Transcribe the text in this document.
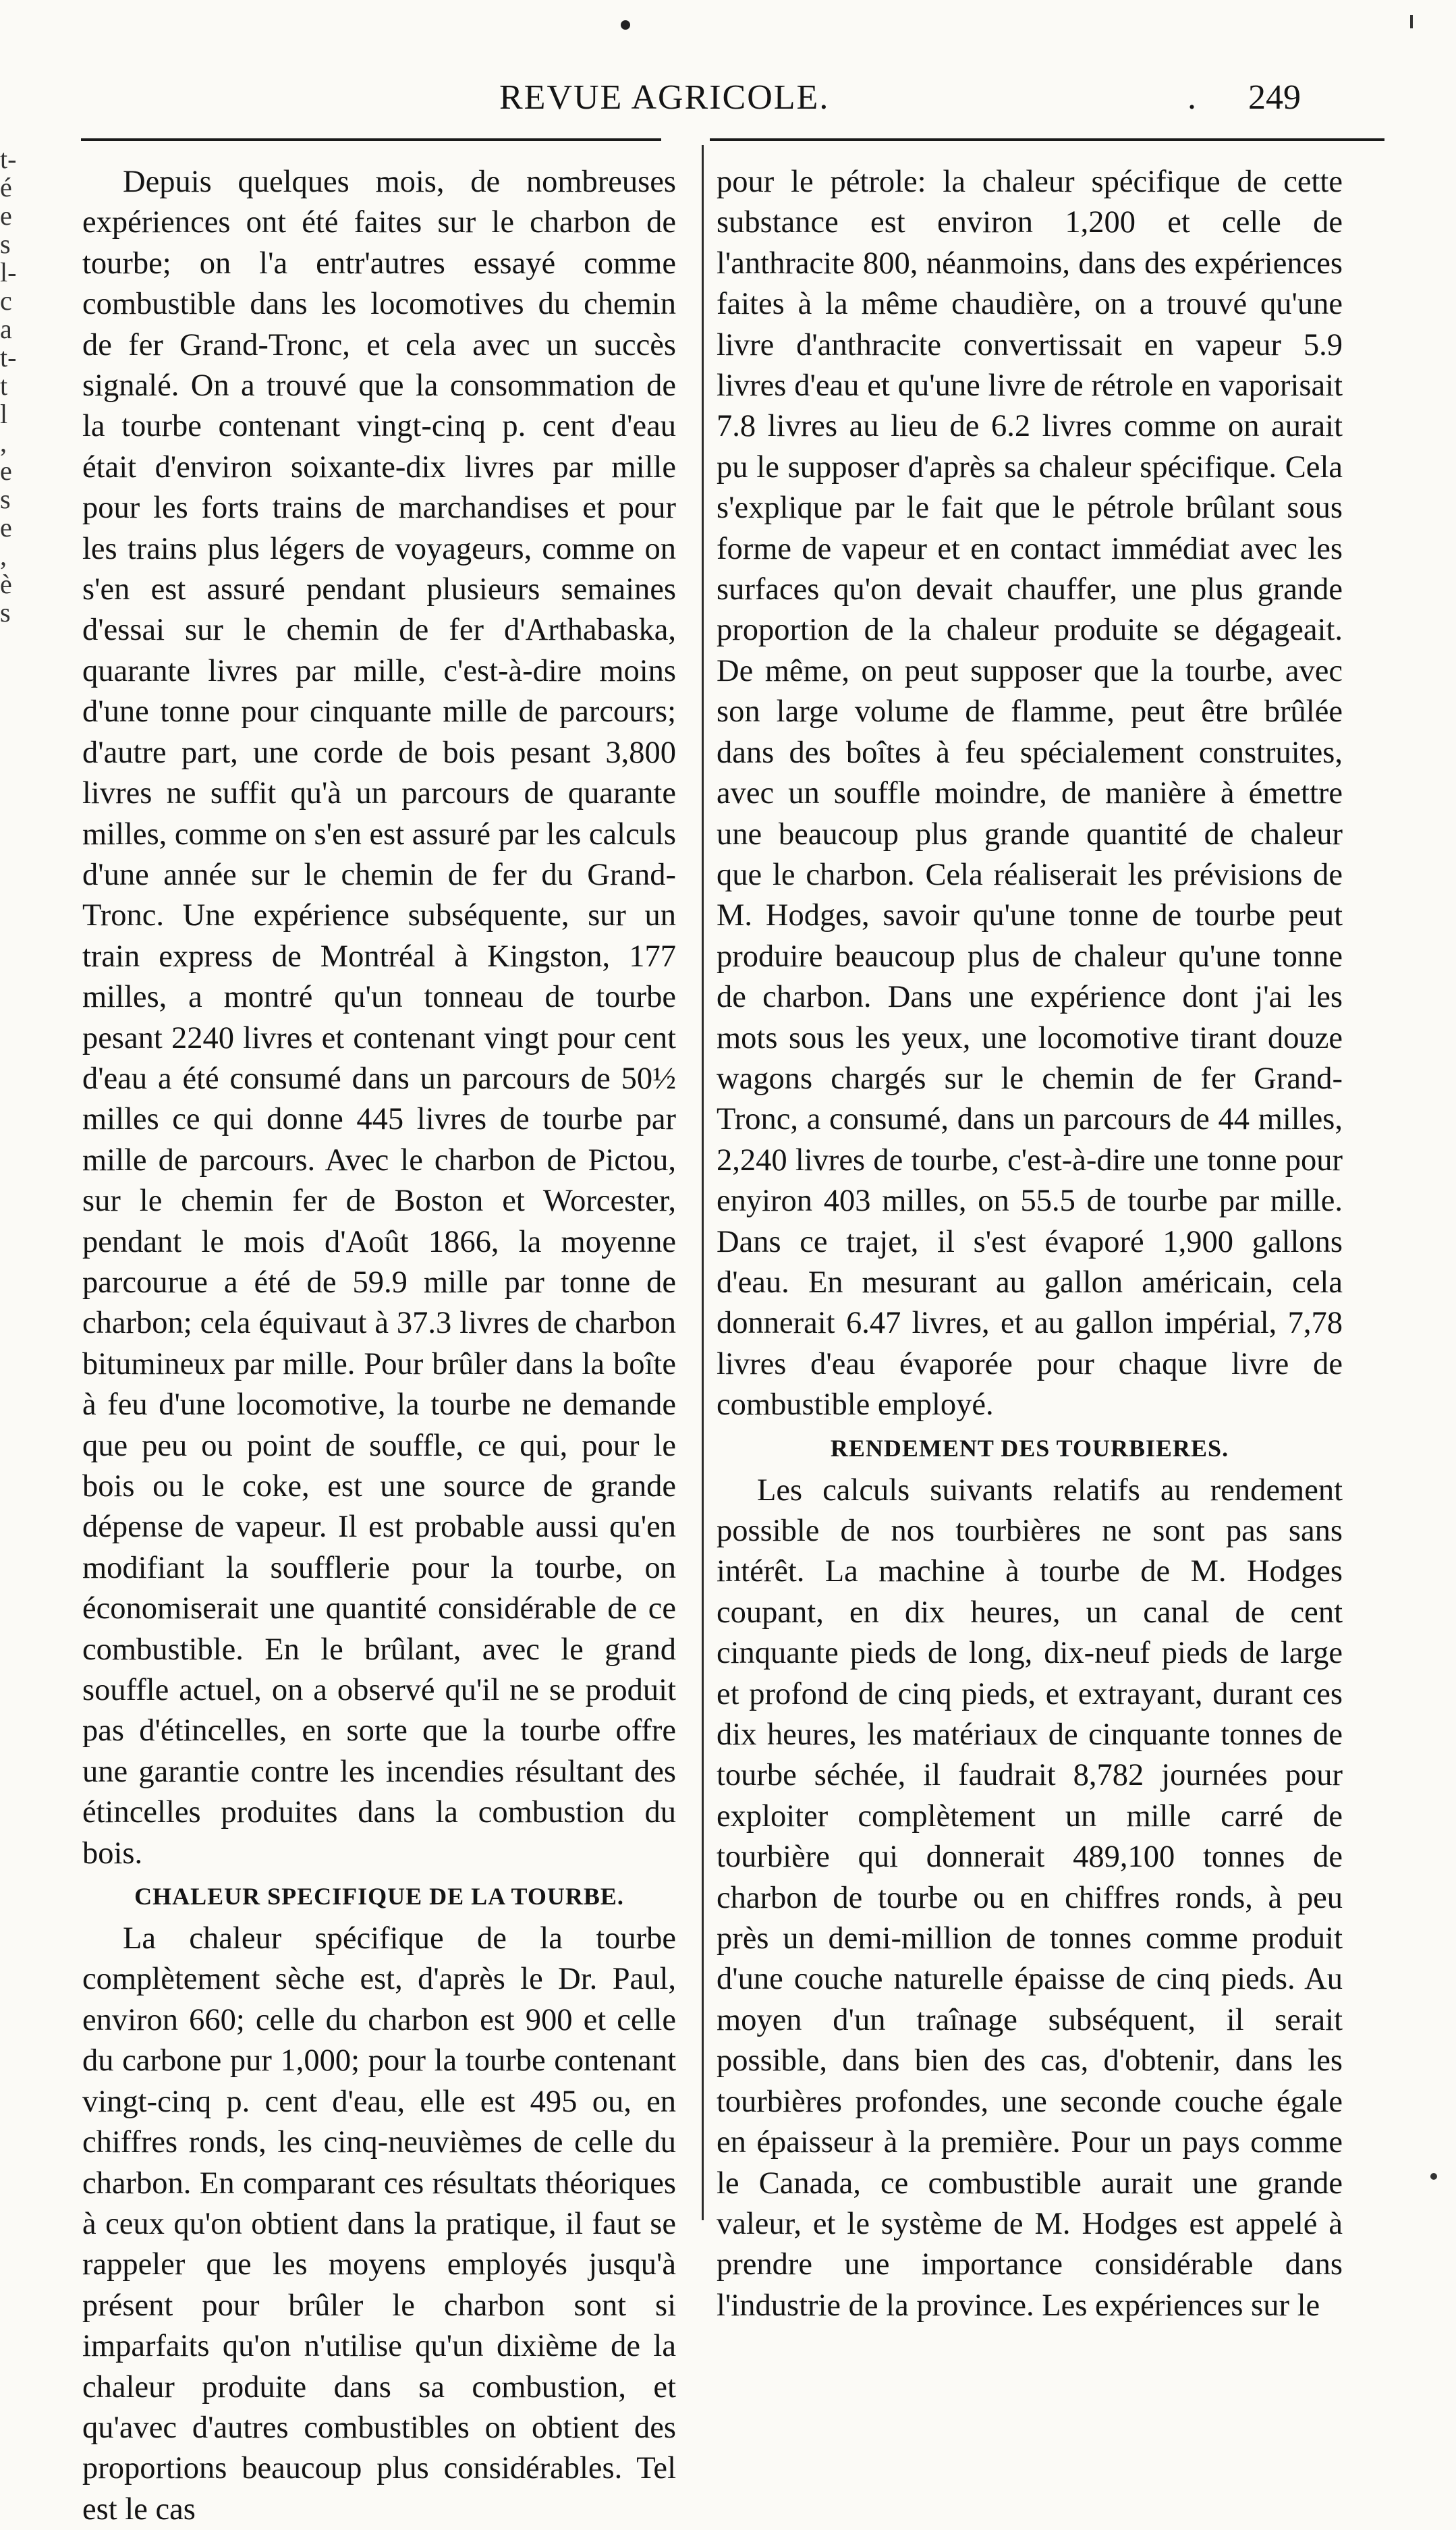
REVUE AGRICOLE.	. 249
t-
é
e
s
l-
c
a
t-
t
l
,
e
s
e
,
è
s

Depuis quelques mois, de nombreuses expériences ont été faites sur le charbon de tourbe; on l'a entr'autres essayé comme combustible dans les locomotives du chemin de fer Grand-Tronc, et cela avec un succès signalé. On a trouvé que la consommation de la tourbe contenant vingt-cinq p. cent d'eau était d'environ soixante-dix livres par mille pour les forts trains de marchandises et pour les trains plus légers de voyageurs, comme on s'en est assuré pendant plusieurs semaines d'essai sur le chemin de fer d'Arthabaska, quarante livres par mille, c'est-à-dire moins d'une tonne pour cinquante mille de parcours; d'autre part, une corde de bois pesant 3,800 livres ne suffit qu'à un parcours de quarante milles, comme on s'en est assuré par les calculs d'une année sur le chemin de fer du Grand-Tronc. Une expérience subséquente, sur un train express de Montréal à Kingston, 177 milles, a montré qu'un tonneau de tourbe pesant 2240 livres et contenant vingt pour cent d'eau a été consumé dans un parcours de 50½ milles ce qui donne 445 livres de tourbe par mille de parcours. Avec le charbon de Pictou, sur le chemin fer de Boston et Worcester, pendant le mois d'Août 1866, la moyenne parcourue a été de 59.9 mille par tonne de charbon; cela équivaut à 37.3 livres de charbon bitumineux par mille. Pour brûler dans la boîte à feu d'une locomotive, la tourbe ne demande que peu ou point de souffle, ce qui, pour le bois ou le coke, est une source de grande dépense de vapeur. Il est probable aussi qu'en modifiant la soufflerie pour la tourbe, on économiserait une quantité considérable de ce combustible. En le brûlant, avec le grand souffle actuel, on a observé qu'il ne se produit pas d'étincelles, en sorte que la tourbe offre une garantie contre les incendies résultant des étincelles produites dans la combustion du bois.

CHALEUR SPECIFIQUE DE LA TOURBE.

La chaleur spécifique de la tourbe complètement sèche est, d'après le Dr. Paul, environ 660; celle du charbon est 900 et celle du carbone pur 1,000; pour la tourbe contenant vingt-cinq p. cent d'eau, elle est 495 ou, en chiffres ronds, les cinq-neuvièmes de celle du charbon. En comparant ces résultats théoriques à ceux qu'on obtient dans la pratique, il faut se rappeler que les moyens employés jusqu'à présent pour brûler le charbon sont si imparfaits qu'on n'utilise qu'un dixième de la chaleur produite dans sa combustion, et qu'avec d'autres combustibles on obtient des proportions beaucoup plus considérables. Tel est le cas

pour le pétrole: la chaleur spécifique de cette substance est environ 1,200 et celle de l'anthracite 800, néanmoins, dans des expériences faites à la même chaudière, on a trouvé qu'une livre d'anthracite convertissait en vapeur 5.9 livres d'eau et qu'une livre de rétrole en vaporisait 7.8 livres au lieu de 6.2 livres comme on aurait pu le supposer d'après sa chaleur spécifique. Cela s'explique par le fait que le pétrole brûlant sous forme de vapeur et en contact immédiat avec les surfaces qu'on devait chauffer, une plus grande proportion de la chaleur produite se dégageait. De même, on peut supposer que la tourbe, avec son large volume de flamme, peut être brûlée dans des boîtes à feu spécialement construites, avec un souffle moindre, de manière à émettre une beaucoup plus grande quantité de chaleur que le charbon. Cela réaliserait les prévisions de M. Hodges, savoir qu'une tonne de tourbe peut produire beaucoup plus de chaleur qu'une tonne de charbon. Dans une expérience dont j'ai les mots sous les yeux, une locomotive tirant douze wagons chargés sur le chemin de fer Grand-Tronc, a consumé, dans un parcours de 44 milles, 2,240 livres de tourbe, c'est-à-dire une tonne pour enyiron 403 milles, on 55.5 de tourbe par mille. Dans ce trajet, il s'est évaporé 1,900 gallons d'eau. En mesurant au gallon américain, cela donnerait 6.47 livres, et au gallon impérial, 7,78 livres d'eau évaporée pour chaque livre de combustible employé.

RENDEMENT DES TOURBIERES.

Les calculs suivants relatifs au rendement possible de nos tourbières ne sont pas sans intérêt. La machine à tourbe de M. Hodges coupant, en dix heures, un canal de cent cinquante pieds de long, dix-neuf pieds de large et profond de cinq pieds, et extrayant, durant ces dix heures, les matériaux de cinquante tonnes de tourbe séchée, il faudrait 8,782 journées pour exploiter complètement un mille carré de tourbière qui donnerait 489,100 tonnes de charbon de tourbe ou en chiffres ronds, à peu près un demi-million de tonnes comme produit d'une couche naturelle épaisse de cinq pieds. Au moyen d'un traînage subséquent, il serait possible, dans bien des cas, d'obtenir, dans les tourbières profondes, une seconde couche égale en épaisseur à la première. Pour un pays comme le Canada, ce combustible aurait une grande valeur, et le système de M. Hodges est appelé à prendre une importance considérable dans l'industrie de la province. Les expériences sur le
